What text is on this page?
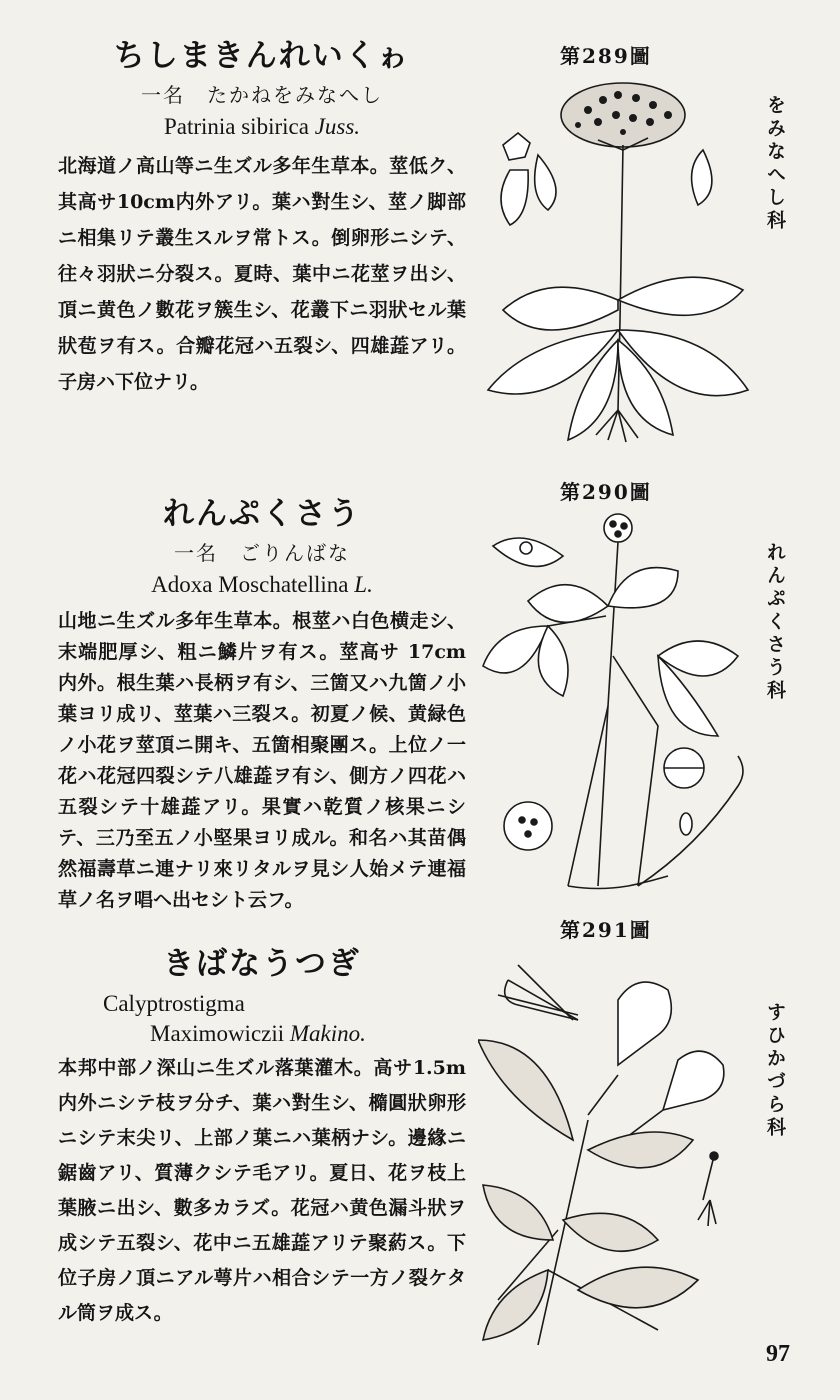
ちしまきんれいくゎ

一名　たかねをみなへし

Patrinia sibirica Juss.

北海道ノ高山等ニ生ズル多年生草本。莖低ク、其高サ10cm内外アリ。葉ハ對生シ、莖ノ脚部ニ相集リテ叢生スルヲ常トス。倒卵形ニシテ、往々羽狀ニ分裂ス。夏時、葉中ニ花莖ヲ出シ、頂ニ黄色ノ數花ヲ簇生シ、花叢下ニ羽狀セル葉狀苞ヲ有ス。合瓣花冠ハ五裂シ、四雄蕋アリ。子房ハ下位ナリ。

第289圖
をみなへし科
れんぷくさう

一名　ごりんばな

Adoxa Moschatellina L.

山地ニ生ズル多年生草本。根莖ハ白色横走シ、末端肥厚シ、粗ニ鱗片ヲ有ス。莖高サ 17cm 内外。根生葉ハ長柄ヲ有シ、三箇又ハ九箇ノ小葉ヨリ成リ、莖葉ハ三裂ス。初夏ノ候、黄緑色ノ小花ヲ莖頂ニ開キ、五箇相聚團ス。上位ノ一花ハ花冠四裂シテ八雄蕋ヲ有シ、側方ノ四花ハ五裂シテ十雄蕋アリ。果實ハ乾質ノ核果ニシテ、三乃至五ノ小堅果ヨリ成ル。和名ハ其苗偶然福壽草ニ連ナリ來リタルヲ見シ人始メテ連福草ノ名ヲ唱ヘ出セシト云フ。

第290圖
れんぷくさう科
きばなうつぎ

Calyptrostigma

Maximowiczii Makino.

本邦中部ノ深山ニ生ズル落葉灌木。高サ1.5m 内外ニシテ枝ヲ分チ、葉ハ對生シ、橢圓狀卵形ニシテ末尖リ、上部ノ葉ニハ葉柄ナシ。邊緣ニ鋸齒アリ、質薄クシテ毛アリ。夏日、花ヲ枝上葉腋ニ出シ、數多カラズ。花冠ハ黄色漏斗狀ヲ成シテ五裂シ、花中ニ五雄蕋アリテ聚葯ス。下位子房ノ頂ニアル萼片ハ相合シテ一方ノ裂ケタル筒ヲ成ス。

第291圖
すひかづら科
97
